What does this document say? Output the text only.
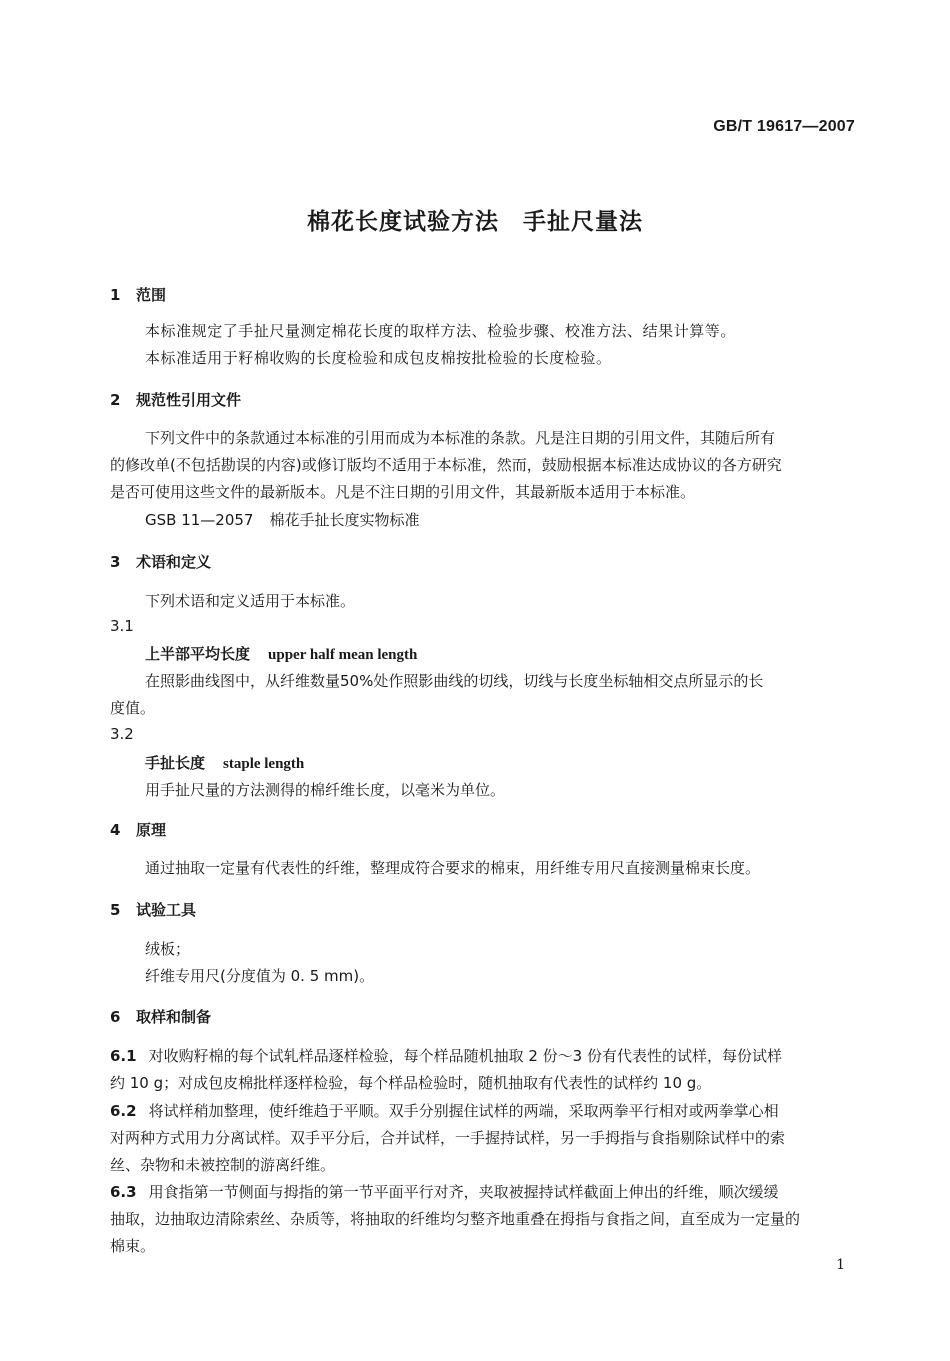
GB/T 19617—2007
棉花长度试验方法 手扯尺量法
1 范围
本标准规定了手扯尺量测定棉花长度的取样方法、检验步骤、校准方法、结果计算等。
本标准适用于籽棉收购的长度检验和成包皮棉按批检验的长度检验。
2 规范性引用文件
下列文件中的条款通过本标准的引用而成为本标准的条款。凡是注日期的引用文件，其随后所有
的修改单(不包括勘误的内容)或修订版均不适用于本标准，然而，鼓励根据本标准达成协议的各方研究
是否可使用这些文件的最新版本。凡是不注日期的引用文件，其最新版本适用于本标准。
GSB 11—2057 棉花手扯长度实物标准
3 术语和定义
下列术语和定义适用于本标准。
3.1
上半部平均长度 upper half mean length
在照影曲线图中，从纤维数量50%处作照影曲线的切线，切线与长度坐标轴相交点所显示的长
度值。
3.2
手扯长度 staple length
用手扯尺量的方法测得的棉纤维长度，以毫米为单位。
4 原理
通过抽取一定量有代表性的纤维，整理成符合要求的棉束，用纤维专用尺直接测量棉束长度。
5 试验工具
绒板；
纤维专用尺(分度值为 0. 5 mm)。
6 取样和制备
6.1 对收购籽棉的每个试轧样品逐样检验，每个样品随机抽取 2 份～3 份有代表性的试样，每份试样
约 10 g；对成包皮棉批样逐样检验，每个样品检验时，随机抽取有代表性的试样约 10 g。
6.2 将试样稍加整理，使纤维趋于平顺。双手分别握住试样的两端，采取两拳平行相对或两拳掌心相
对两种方式用力分离试样。双手平分后，合并试样，一手握持试样，另一手拇指与食指剔除试样中的索
丝、杂物和未被控制的游离纤维。
6.3 用食指第一节侧面与拇指的第一节平面平行对齐，夹取被握持试样截面上伸出的纤维，顺次缓缓
抽取，边抽取边清除索丝、杂质等，将抽取的纤维均匀整齐地重叠在拇指与食指之间，直至成为一定量的
棉束。
1
